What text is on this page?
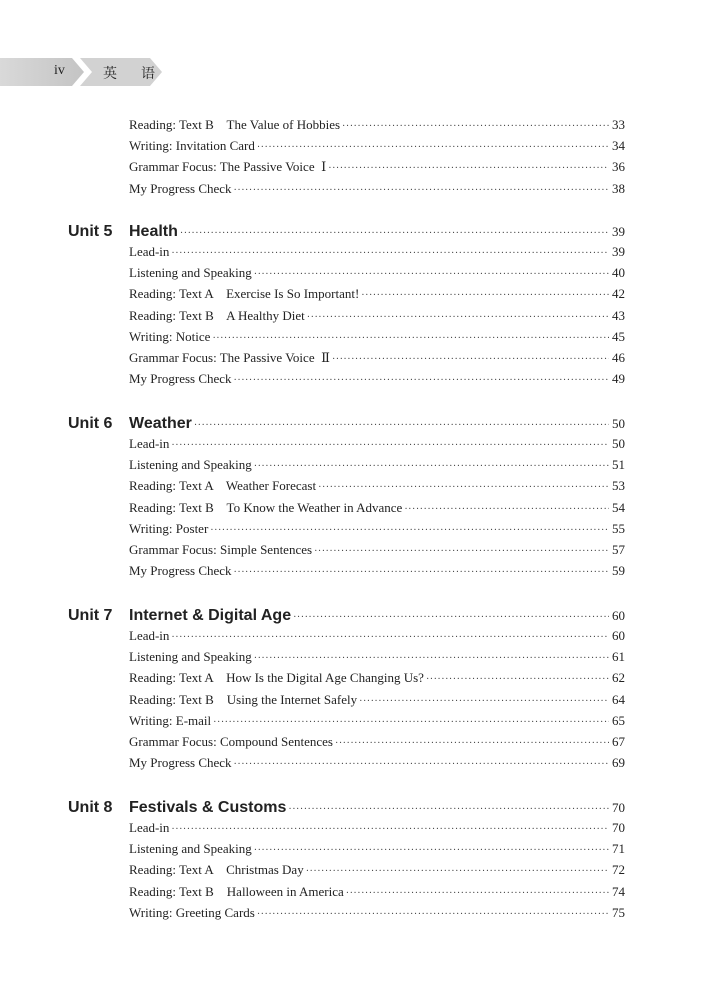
iv	英语
Reading: Text B    The Value of Hobbies ·····	33
Writing: Invitation Card ·····	34
Grammar Focus: The Passive Voice  Ⅰ ·····	36
My Progress Check ·····	38
Unit 5	Health ·····	39
Lead-in ·····	39
Listening and Speaking ·····	40
Reading: Text A    Exercise Is So Important! ·····	42
Reading: Text B    A Healthy Diet ·····	43
Writing: Notice ·····	45
Grammar Focus: The Passive Voice  Ⅱ ·····	46
My Progress Check ·····	49
Unit 6	Weather ·····	50
Lead-in ·····	50
Listening and Speaking ·····	51
Reading: Text A    Weather Forecast ·····	53
Reading: Text B    To Know the Weather in Advance ·····	54
Writing: Poster ·····	55
Grammar Focus: Simple Sentences ·····	57
My Progress Check ·····	59
Unit 7	Internet & Digital Age ·····	60
Lead-in ·····	60
Listening and Speaking ·····	61
Reading: Text A    How Is the Digital Age Changing Us? ·····	62
Reading: Text B    Using the Internet Safely ·····	64
Writing: E-mail ·····	65
Grammar Focus: Compound Sentences ·····	67
My Progress Check ·····	69
Unit 8	Festivals & Customs ·····	70
Lead-in ·····	70
Listening and Speaking ·····	71
Reading: Text A    Christmas Day ·····	72
Reading: Text B    Halloween in America ·····	74
Writing: Greeting Cards ·····	75
